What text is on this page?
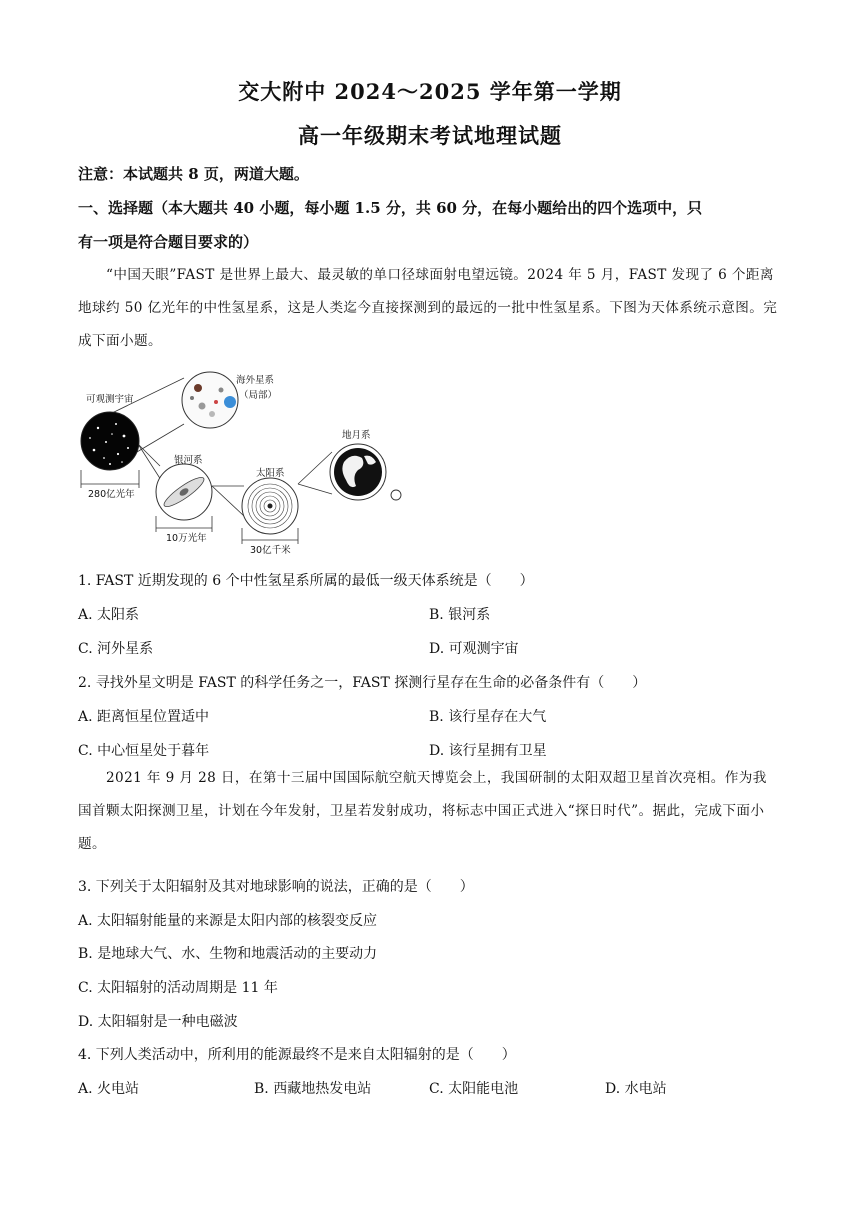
交大附中 2024～2025 学年第一学期
高一年级期末考试地理试题
注意：本试题共 8 页，两道大题。
一、选择题（本大题共 40 小题，每小题 1.5 分，共 60 分，在每小题给出的四个选项中，只
有一项是符合题目要求的）
“中国天眼”FAST 是世界上最大、最灵敏的单口径球面射电望远镜。2024 年 5 月，FAST 发现了 6 个距离地球约 50 亿光年的中性氢星系，这是人类迄今直接探测到的最远的一批中性氢星系。下图为天体系统示意图。完成下面小题。
可观测宇宙
280亿光年
海外星系
（局部）
银河系
10万光年
太阳系
30亿千米
地月系
1. FAST 近期发现的 6 个中性氢星系所属的最低一级天体系统是（　　）
A. 太阳系	B. 银河系
C. 河外星系	D. 可观测宇宙
2. 寻找外星文明是 FAST 的科学任务之一，FAST 探测行星存在生命的必备条件有（　　）
A. 距离恒星位置适中	B. 该行星存在大气
C. 中心恒星处于暮年	D. 该行星拥有卫星
2021 年 9 月 28 日，在第十三届中国国际航空航天博览会上，我国研制的太阳双超卫星首次亮相。作为我国首颗太阳探测卫星，计划在今年发射，卫星若发射成功，将标志中国正式进入“探日时代”。据此，完成下面小题。
3. 下列关于太阳辐射及其对地球影响的说法，正确的是（　　）
A. 太阳辐射能量的来源是太阳内部的核裂变反应
B. 是地球大气、水、生物和地震活动的主要动力
C. 太阳辐射的活动周期是 11 年
D. 太阳辐射是一种电磁波
4. 下列人类活动中，所利用的能源最终不是来自太阳辐射的是（　　）
A. 火电站	B. 西藏地热发电站	C. 太阳能电池	D. 水电站
